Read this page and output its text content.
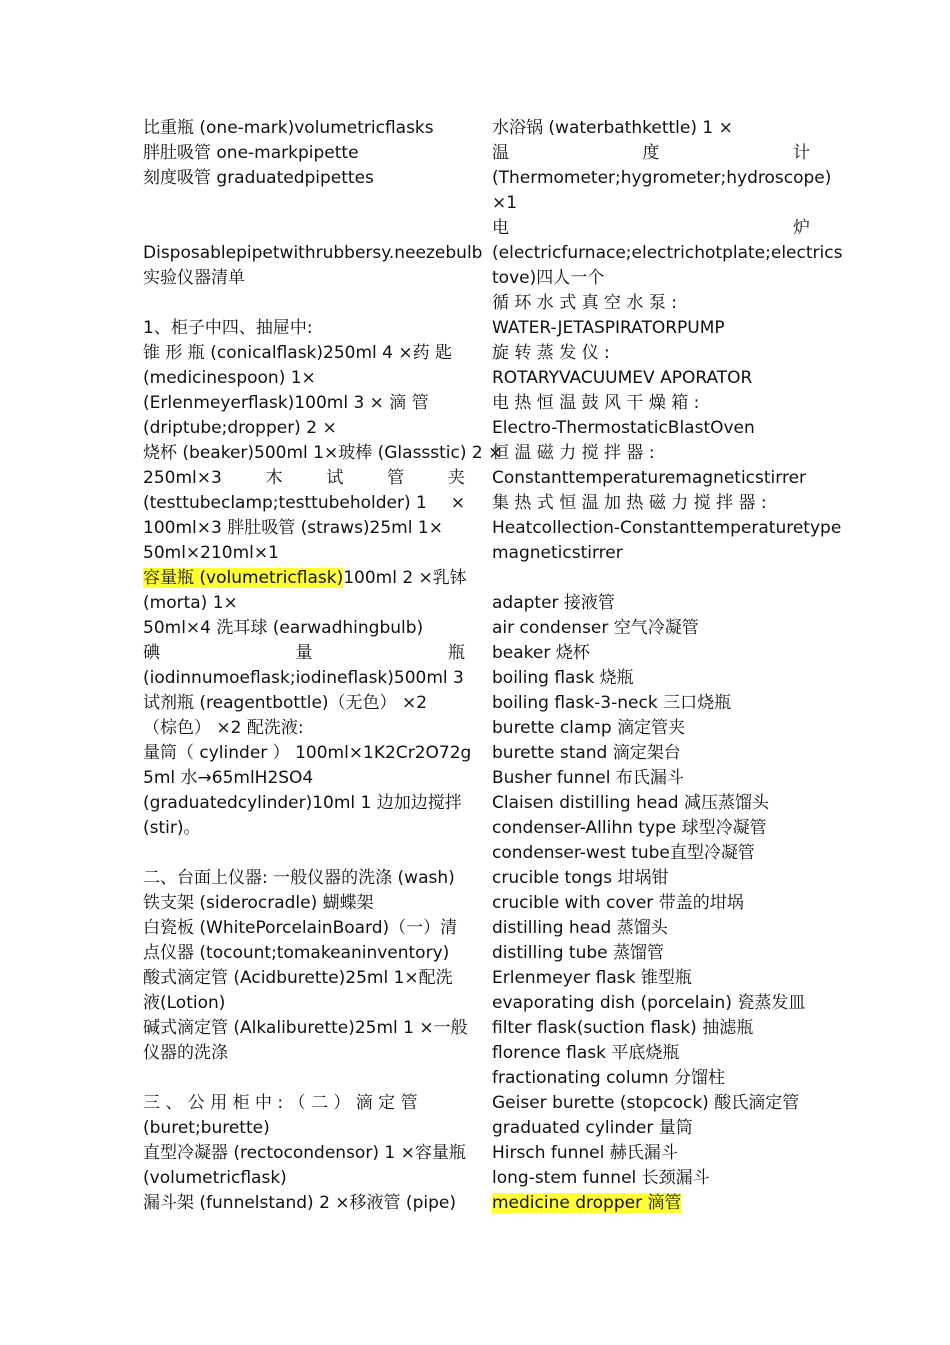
比重瓶 (one-mark)volumetricflasks
胖肚吸管 one-markpipette
刻度吸管 graduatedpipettes
Disposablepipetwithrubbersy.neezebulb
实验仪器清单
1、柜子中四、抽屉中:
锥 形 瓶 (conicalflask)250ml 4 ×药 匙
(medicinespoon) 1×
(Erlenmeyerflask)100ml 3 × 滴 管
(driptube;dropper) 2 ×
烧杯 (beaker)500ml 1×玻棒 (Glassstic) 2 ×
250ml×3	木	试	管	夹
(testtubeclamp;testtubeholder) 1 ×
100ml×3 胖肚吸管 (straws)25ml 1×
50ml×210ml×1
容量瓶 (volumetricflask)100ml 2 ×乳钵
(morta) 1×
50ml×4 洗耳球 (earwadhingbulb)
碘	量	瓶
(iodinnumoeflask;iodineflask)500ml 3
试剂瓶 (reagentbottle)（无色） ×2
（棕色） ×2 配洗液:
量筒（ cylinder ） 100ml×1K2Cr2O72g
5ml 水→65mlH2SO4
(graduatedcylinder)10ml 1 边加边搅拌
(stir)。
二、台面上仪器: 一般仪器的洗涤 (wash)
铁支架 (siderocradle) 蝴蝶架
白瓷板 (WhitePorcelainBoard)（一）清
点仪器 (tocount;tomakeaninventory)
酸式滴定管 (Acidburette)25ml 1×配洗
液(Lotion)
碱式滴定管 (Alkaliburette)25ml 1 ×一般
仪器的洗涤
三 、 公 用 柜 中 : （ 二 ） 滴 定 管
(buret;burette)
直型冷凝器 (rectocondensor) 1 ×容量瓶
(volumetricflask)
漏斗架 (funnelstand) 2 ×移液管 (pipe)
水浴锅 (waterbathkettle) 1 ×
温	度	计
(Thermometer;hygrometer;hydroscope)
×1
电	炉
(electricfurnace;electrichotplate;electrics
tove)四人一个
循 环 水 式 真 空 水 泵 :
WATER-JETASPIRATORPUMP
旋 转 蒸 发 仪 :
ROTARYVACUUMEV APORATOR
电 热 恒 温 鼓 风 干 燥 箱 :
Electro-ThermostaticBlastOven
恒 温 磁 力 搅 拌 器 :
Constanttemperaturemagneticstirrer
集 热 式 恒 温 加 热 磁 力 搅 拌 器 :
Heatcollection-Constanttemperaturetype
magneticstirrer
adapter 接液管
air condenser 空气冷凝管
beaker 烧杯
boiling flask 烧瓶
boiling flask-3-neck 三口烧瓶
burette clamp 滴定管夹
burette stand 滴定架台
Busher funnel 布氏漏斗
Claisen distilling head 减压蒸馏头
condenser-Allihn type 球型冷凝管
condenser-west tube直型冷凝管
crucible tongs 坩埚钳
crucible with cover 带盖的坩埚
distilling head 蒸馏头
distilling tube 蒸馏管
Erlenmeyer flask 锥型瓶
evaporating dish (porcelain) 瓷蒸发皿
filter flask(suction flask) 抽滤瓶
florence flask 平底烧瓶
fractionating column 分馏柱
Geiser burette (stopcock) 酸氏滴定管
graduated cylinder 量筒
Hirsch funnel 赫氏漏斗
long-stem funnel 长颈漏斗
medicine dropper 滴管
